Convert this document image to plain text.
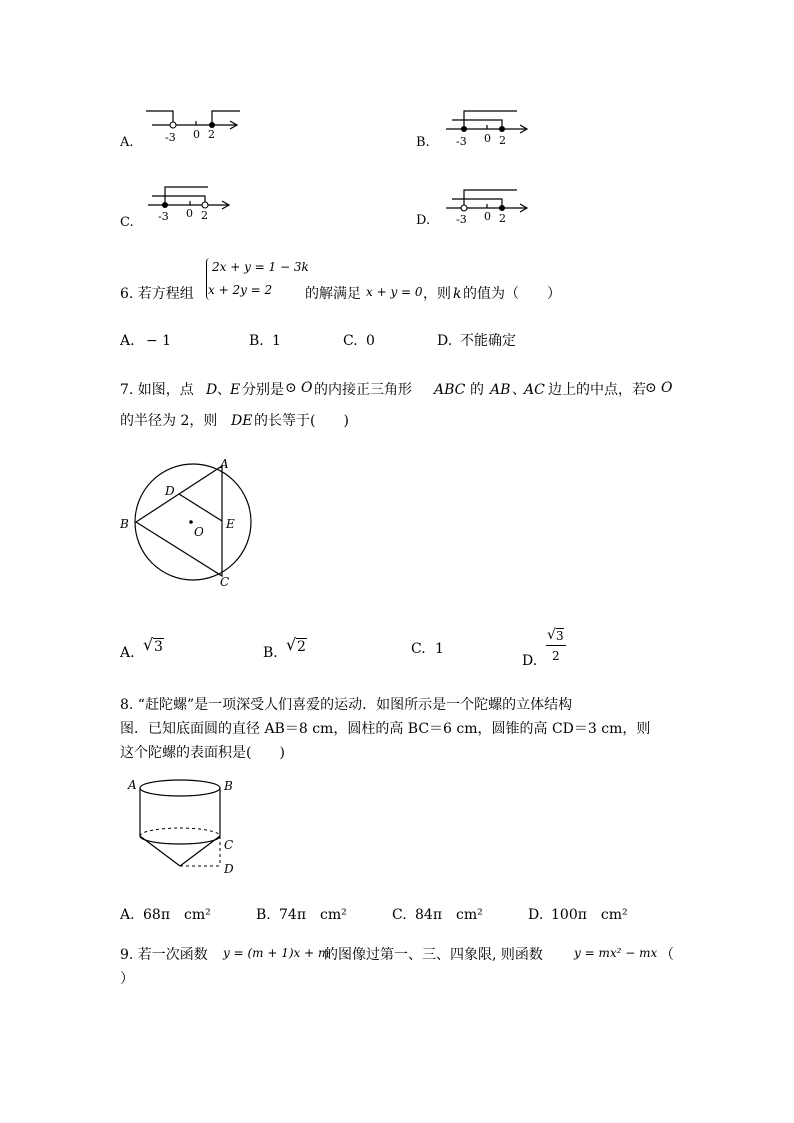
A.	-3 0 2
B. -3 0 2
C. -3 0 2	D. -3 0 2
6. 若方程组
2x + y = 1 − 3k
x + 2y = 2 的解满足 x + y = 0 ，则 k 的值为（　　）
A. − 1	B. 1	C. 0	D. 不能确定
7. 如图，点 D 、 E 分别是 ⊙ O 的内接正三角形 ABC 的 AB 、
AC 边上的中点，若 ⊙ O
的半径为 2，则 DE 的长等于(　　)
A
D
B
O
E
C
A. √ 3	B. √ 2	C. 1
D.
√ 3
2
8. “赶陀螺”是一项深受人们喜爱的运动．如图所示是一个陀螺的立体结构
图．已知底面圆的直径 AB＝8 cm，圆柱的高 BC＝6 cm，圆锥的高 CD＝3 cm，则
这个陀螺的表面积是(　　)
A	B
C
D
A. 68π　cm²	B. 74π　cm²	C. 84π　cm²	D. 100π　cm²
9. 若一次函数 y = (m + 1)x + m
的图像过第一、三、四象限, 则函数	y = mx² − mx （
）
